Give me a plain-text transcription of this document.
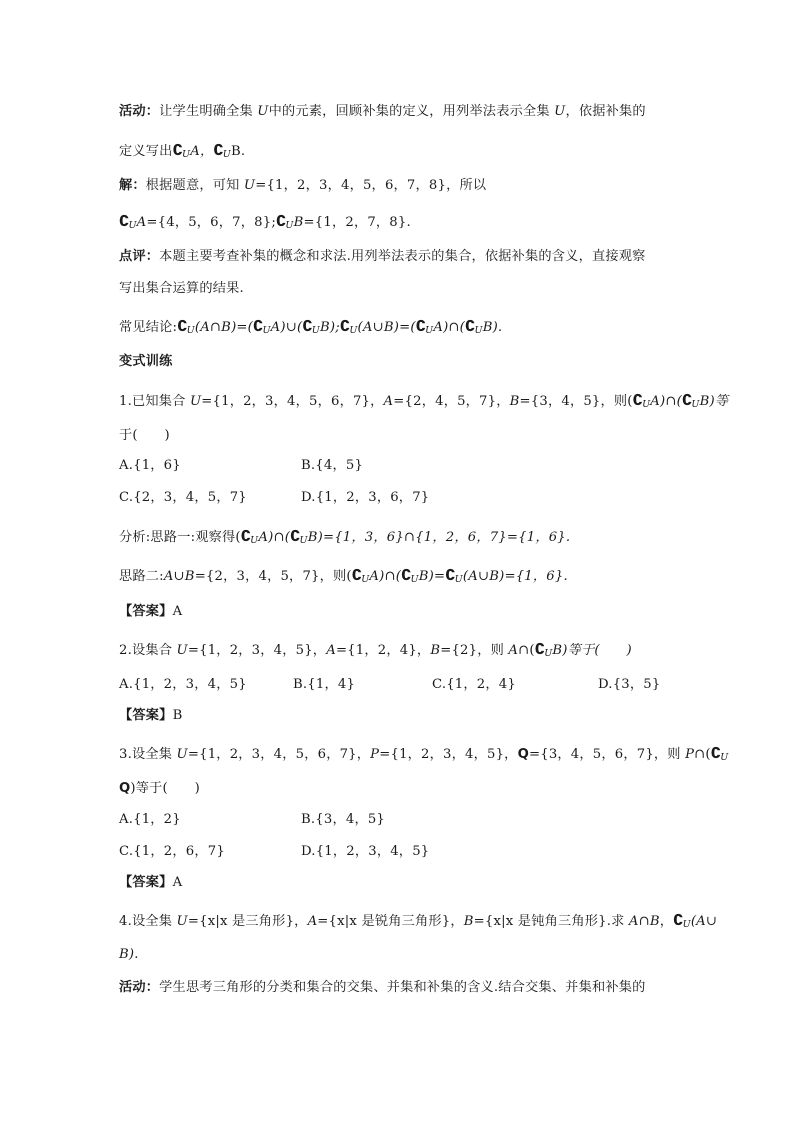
活动：让学生明确全集 U中的元素，回顾补集的定义，用列举法表示全集 U，依据补集的
定义写出$∁_UA$，$∁_UB$.
解：根据题意，可知 U={1，2，3，4，5，6，7，8}，所以
$∁_UA=\{4$，5，6，7，$8\};∁_UB=\{1$，2，7，8}.
点评：本题主要考查补集的概念和求法.用列举法表示的集合，依据补集的含义，直接观察
写出集合运算的结果.
常见结论$:∁_U(A\cap B)=(∁_UA)\cup(∁_UB);∁_U(A\cup B)=(∁_UA)\cap(∁_UB)$.
变式训练
1.已知集合 U={1，2，3，4，5，6，7}，A={2，4，5，7}，B={3，4，5}，则$(∁_UA)\cap(∁_UB)$等
于(　　)
A.{1，6}	B.{4，5}
C.{2，3，4，5，7}	D.{1，2，3，6，7}
分析:思路一:观察得$(∁_UA)\cap(∁_UB)=\{1$，3，6}∩{1，2，6，7}={1，6}.
思路二:A∪B={2，3，4，5，7}，则$(∁_UA)\cap(∁_UB)=∁_U(A\cup B)=\{1$，6}.
【答案】A
2.设集合 U={1，2，3，4，5}，A={1，2，4}，B={2}，则 $A\cap(∁_UB)$等于(　　)
A.{1，2，3，4，5}	B.{1，4}	C.{1，2，4}	D.{3，5}
【答案】B
3.设全集 U={1，2，3，4，5，6，7}，P={1，2，3，4，5}，Q={3，4，5，6，7}，则 $P\cap(∁_U$
Q)等于(　　)
A.{1，2}	B.{3，4，5}
C.{1，2，6，7}	D.{1，2，3，4，5}
【答案】A
4.设全集 U={x|x 是三角形}，A={x|x 是锐角三角形}，B={x|x 是钝角三角形}.求 A∩B，$∁_U(A\cup$
B).
活动：学生思考三角形的分类和集合的交集、并集和补集的含义.结合交集、并集和补集的
